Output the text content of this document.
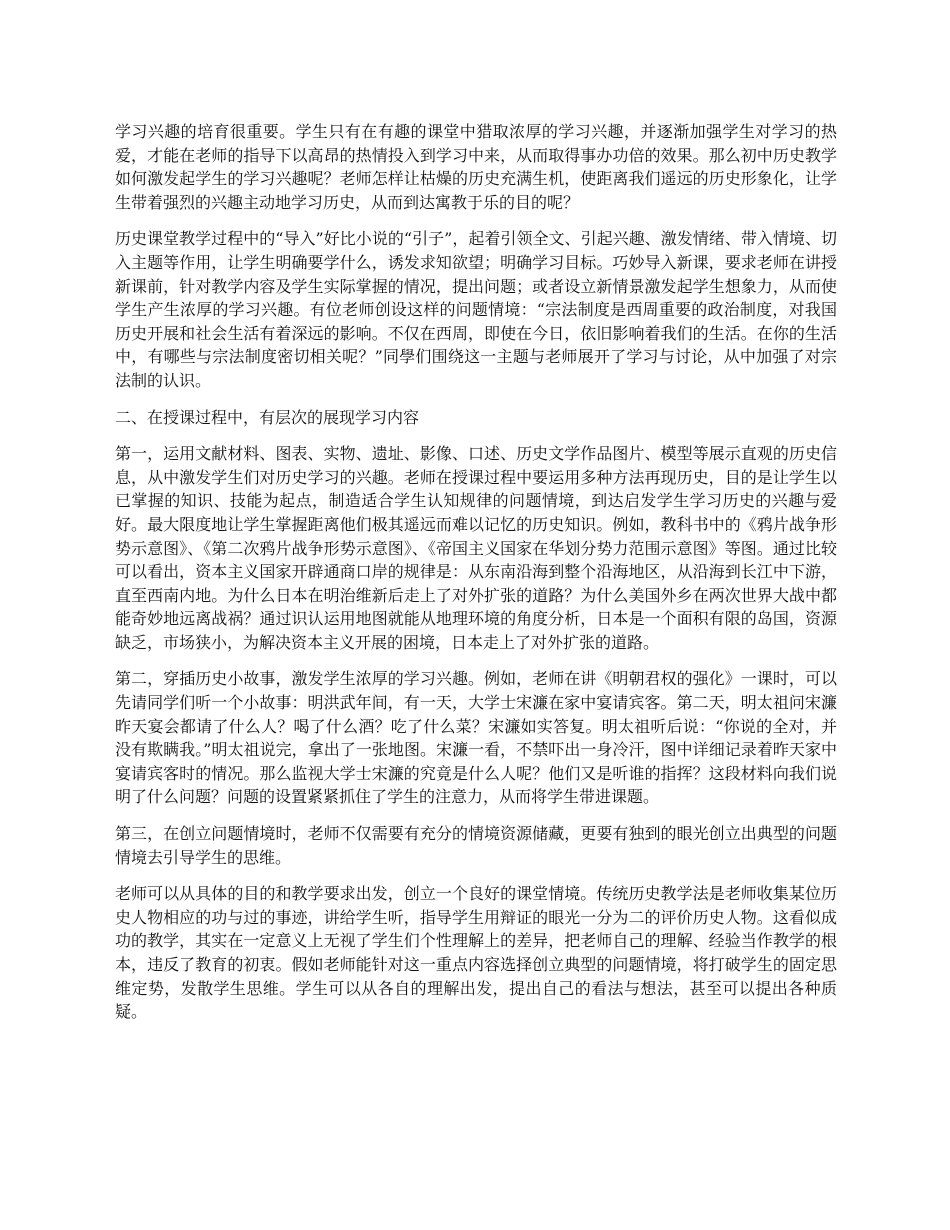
学习兴趣的培育很重要。学生只有在有趣的课堂中猎取浓厚的学习兴趣，并逐渐加强学生对学习的热爱，才能在老师的指导下以高昂的热情投入到学习中来，从而取得事办功倍的效果。那么初中历史教学如何激发起学生的学习兴趣呢？老师怎样让枯燥的历史充满生机，使距离我们遥远的历史形象化，让学生带着强烈的兴趣主动地学习历史，从而到达寓教于乐的目的呢？

历史课堂教学过程中的“导入”好比小说的“引子”，起着引领全文、引起兴趣、激发情绪、带入情境、切入主题等作用，让学生明确要学什么，诱发求知欲望；明确学习目标。巧妙导入新课，要求老师在讲授新课前，针对教学内容及学生实际掌握的情况，提出问题；或者设立新情景激发起学生想象力，从而使学生产生浓厚的学习兴趣。有位老师创设这样的问题情境：“宗法制度是西周重要的政治制度，对我国历史开展和社会生活有着深远的影响。不仅在西周，即使在今日，依旧影响着我们的生活。在你的生活中，有哪些与宗法制度密切相关呢？”同學们围绕这一主题与老师展开了学习与讨论，从中加强了对宗法制的认识。

二、在授课过程中，有层次的展现学习内容

第一，运用文献材料、图表、实物、遗址、影像、口述、历史文学作品图片、模型等展示直观的历史信息，从中激发学生们对历史学习的兴趣。老师在授课过程中要运用多种方法再现历史，目的是让学生以已掌握的知识、技能为起点，制造适合学生认知规律的问题情境，到达启发学生学习历史的兴趣与爱好。最大限度地让学生掌握距离他们极其遥远而难以记忆的历史知识。例如，教科书中的《鸦片战争形势示意图》、《第二次鸦片战争形势示意图》、《帝国主义国家在华划分势力范围示意图》等图。通过比较可以看出，资本主义国家开辟通商口岸的规律是：从东南沿海到整个沿海地区，从沿海到长江中下游，直至西南内地。为什么日本在明治维新后走上了对外扩张的道路？为什么美国外乡在两次世界大战中都能奇妙地远离战祸？通过识认运用地图就能从地理环境的角度分析，日本是一个面积有限的岛国，资源缺乏，市场狭小，为解决资本主义开展的困境，日本走上了对外扩张的道路。

第二，穿插历史小故事，激发学生浓厚的学习兴趣。例如，老师在讲《明朝君权的强化》一课时，可以先请同学们听一个小故事：明洪武年间，有一天，大学士宋濂在家中宴请宾客。第二天，明太祖问宋濂昨天宴会都请了什么人？喝了什么酒？吃了什么菜？宋濂如实答复。明太祖听后说：“你说的全对，并没有欺瞒我。”明太祖说完，拿出了一张地图。宋濂一看，不禁吓出一身冷汗，图中详细记录着昨天家中宴请宾客时的情况。那么监视大学士宋濂的究竟是什么人呢？他们又是听谁的指挥？这段材料向我们说明了什么问题？问题的设置紧紧抓住了学生的注意力，从而将学生带进课题。

第三，在创立问题情境时，老师不仅需要有充分的情境资源储藏，更要有独到的眼光创立出典型的问题情境去引导学生的思维。

老师可以从具体的目的和教学要求出发，创立一个良好的课堂情境。传统历史教学法是老师收集某位历史人物相应的功与过的事迹，讲给学生听，指导学生用辩证的眼光一分为二的评价历史人物。这看似成功的教学，其实在一定意义上无视了学生们个性理解上的差异，把老师自己的理解、经验当作教学的根本，违反了教育的初衷。假如老师能针对这一重点内容选择创立典型的问题情境，将打破学生的固定思维定势，发散学生思维。学生可以从各自的理解出发，提出自己的看法与想法，甚至可以提出各种质疑。
